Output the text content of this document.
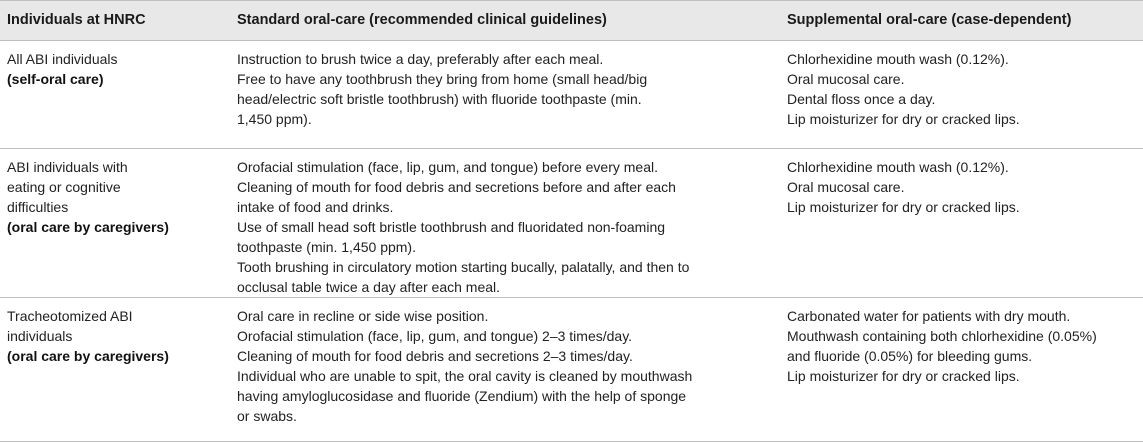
Individuals at HNRC	Standard oral-care (recommended clinical guidelines)	Supplemental oral-care (case-dependent)
All ABI individuals
(self-oral care)
Instruction to brush twice a day, preferably after each meal.
Free to have any toothbrush they bring from home (small head/big
head/electric soft bristle toothbrush) with fluoride toothpaste (min.
1,450 ppm).
Chlorhexidine mouth wash (0.12%).
Oral mucosal care.
Dental floss once a day.
Lip moisturizer for dry or cracked lips.
ABI individuals with
eating or cognitive
difficulties
(oral care by caregivers)
Orofacial stimulation (face, lip, gum, and tongue) before every meal.
Cleaning of mouth for food debris and secretions before and after each
intake of food and drinks.
Use of small head soft bristle toothbrush and fluoridated non-foaming
toothpaste (min. 1,450 ppm).
Tooth brushing in circulatory motion starting bucally, palatally, and then to
occlusal table twice a day after each meal.
Chlorhexidine mouth wash (0.12%).
Oral mucosal care.
Lip moisturizer for dry or cracked lips.
Tracheotomized ABI
individuals
(oral care by caregivers)
Oral care in recline or side wise position.
Orofacial stimulation (face, lip, gum, and tongue) 2–3 times/day.
Cleaning of mouth for food debris and secretions 2–3 times/day.
Individual who are unable to spit, the oral cavity is cleaned by mouthwash
having amyloglucosidase and fluoride (Zendium) with the help of sponge
or swabs.
Carbonated water for patients with dry mouth.
Mouthwash containing both chlorhexidine (0.05%)
and fluoride (0.05%) for bleeding gums.
Lip moisturizer for dry or cracked lips.
